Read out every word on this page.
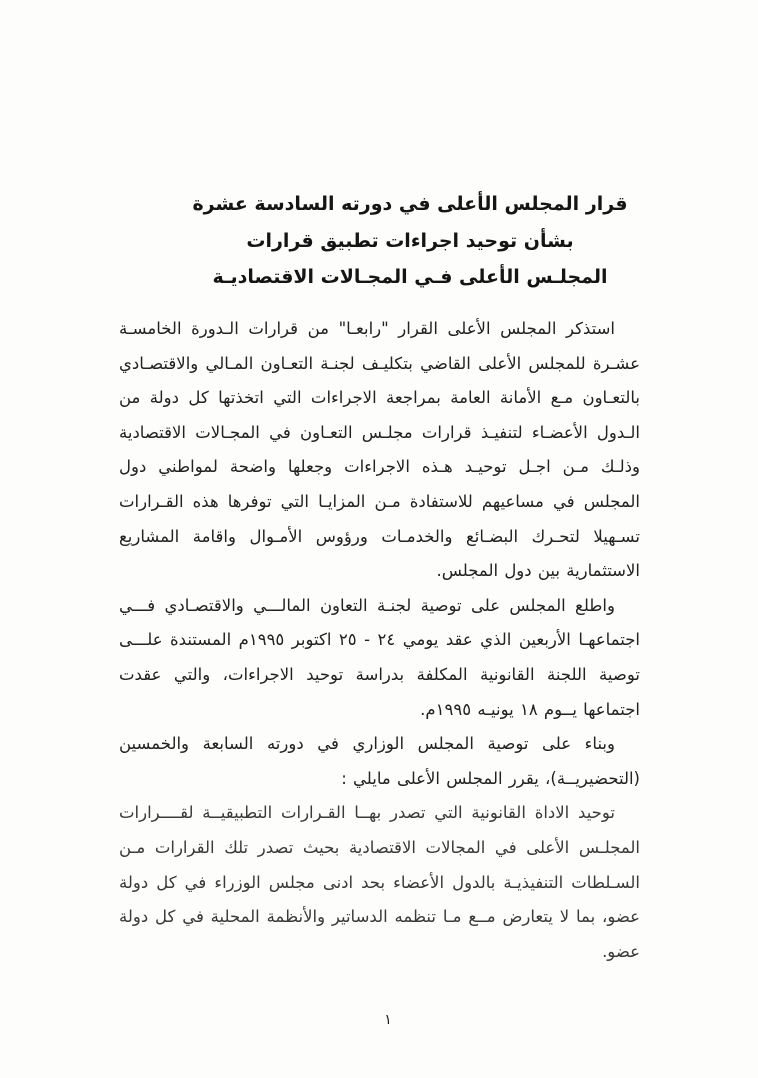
قرار المجلس الأعلى في دورته السادسة عشرة
بشأن توحيد اجراءات تطبيق قرارات
المجلـس الأعلى فـي المجـالات الاقتصاديـة

استذكر المجلس الأعلى القرار "رابعـا" من قرارات الـدورة الخامسـة عشـرة للمجلس الأعلى القاضي بتكليـف لجنـة التعـاون المـالي والاقتصـادي بالتعـاون مـع الأمانة العامة بمراجعة الاجراءات التي اتخذتها كل دولة من الـدول الأعضـاء لتنفيـذ قرارات مجلـس التعـاون في المجـالات الاقتصادية وذلـك مـن اجـل توحيـد هـذه الاجراءات وجعلها واضحة لمواطني دول المجلس في مساعيهم للاستفادة مـن المزايـا التي توفرها هذه القـرارات تسـهيلا لتحـرك البضـائع والخدمـات ورؤوس الأمـوال واقامة المشاريع الاستثمارية بين دول المجلس.

واطلع المجلس على توصية لجنـة التعاون المالـــي والاقتصـادي فـــي اجتماعهـا الأربعين الذي عقد يومي ٢٤ - ٢٥ اكتوبر ١٩٩٥م المستندة علـــى توصية اللجنة القانونية المكلفة بدراسة توحيد الاجراءات، والتي عقدت اجتماعها يــوم ١٨ يونيـه ١٩٩٥م.

وبناء على توصية المجلس الوزاري في دورته السابعة والخمسين (التحضيريــة)، يقرر المجلس الأعلى مايلي :

توحيد الاداة القانونية التي تصدر بهــا القـرارات التطبيقيــة لقــــرارات المجلـس الأعلى في المجالات الاقتصادية بحيث تصدر تلك القرارات مـن السـلطات التنفيذيـة بالدول الأعضاء بحد ادنى مجلس الوزراء في كل دولة عضو، بما لا يتعارض مــع مـا تنظمه الدساتير والأنظمة المحلية في كل دولة عضو.

١
